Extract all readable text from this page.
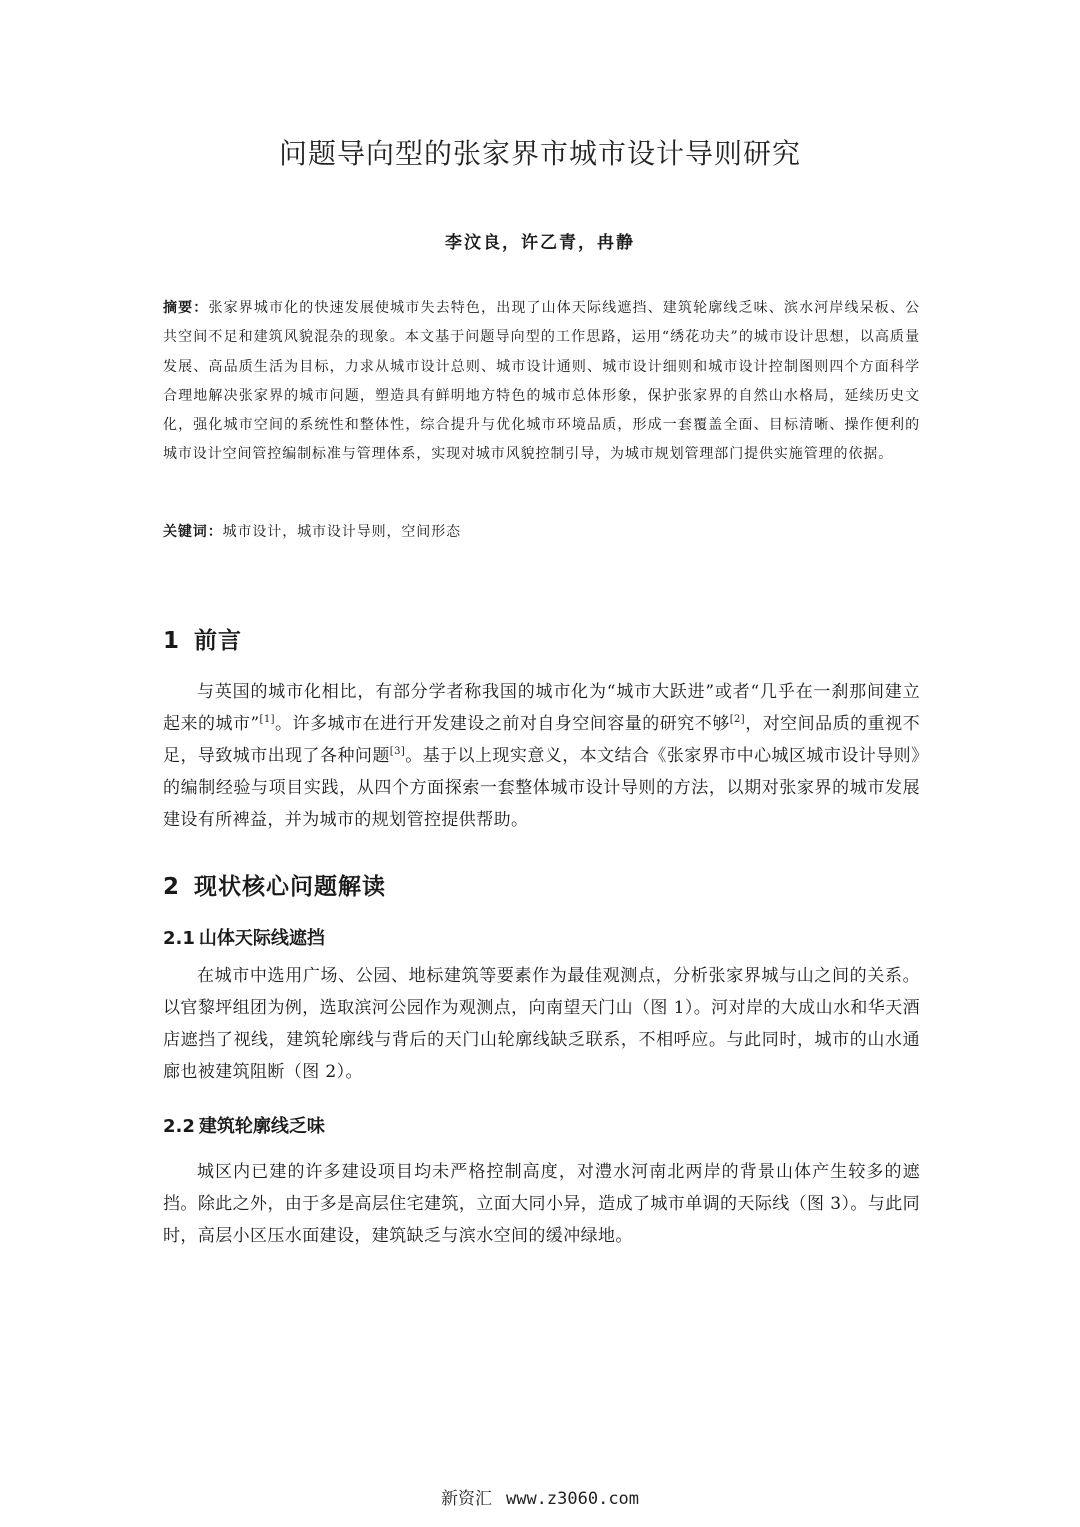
问题导向型的张家界市城市设计导则研究
李汶良，许乙青，冉静
摘要：张家界城市化的快速发展使城市失去特色，出现了山体天际线遮挡、建筑轮廓线乏味、滨水河岸线呆板、公共空间不足和建筑风貌混杂的现象。本文基于问题导向型的工作思路，运用“绣花功夫”的城市设计思想，以高质量发展、高品质生活为目标，力求从城市设计总则、城市设计通则、城市设计细则和城市设计控制图则四个方面科学合理地解决张家界的城市问题，塑造具有鲜明地方特色的城市总体形象，保护张家界的自然山水格局，延续历史文化，强化城市空间的系统性和整体性，综合提升与优化城市环境品质，形成一套覆盖全面、目标清晰、操作便利的城市设计空间管控编制标准与管理体系，实现对城市风貌控制引导，为城市规划管理部门提供实施管理的依据。
关键词：城市设计，城市设计导则，空间形态
1 前言
与英国的城市化相比，有部分学者称我国的城市化为“城市大跃进”或者“几乎在一刹那间建立起来的城市”[1]。许多城市在进行开发建设之前对自身空间容量的研究不够[2]，对空间品质的重视不足，导致城市出现了各种问题[3]。基于以上现实意义，本文结合《张家界市中心城区城市设计导则》的编制经验与项目实践，从四个方面探索一套整体城市设计导则的方法，以期对张家界的城市发展建设有所裨益，并为城市的规划管控提供帮助。
2 现状核心问题解读
2.1 山体天际线遮挡
在城市中选用广场、公园、地标建筑等要素作为最佳观测点，分析张家界城与山之间的关系。以官黎坪组团为例，选取滨河公园作为观测点，向南望天门山（图 1）。河对岸的大成山水和华天酒店遮挡了视线，建筑轮廓线与背后的天门山轮廓线缺乏联系，不相呼应。与此同时，城市的山水通廊也被建筑阻断（图 2）。
2.2 建筑轮廓线乏味
城区内已建的许多建设项目均未严格控制高度，对澧水河南北两岸的背景山体产生较多的遮挡。除此之外，由于多是高层住宅建筑，立面大同小异，造成了城市单调的天际线（图 3）。与此同时，高层小区压水面建设，建筑缺乏与滨水空间的缓冲绿地。
新资汇 www.z3060.com
